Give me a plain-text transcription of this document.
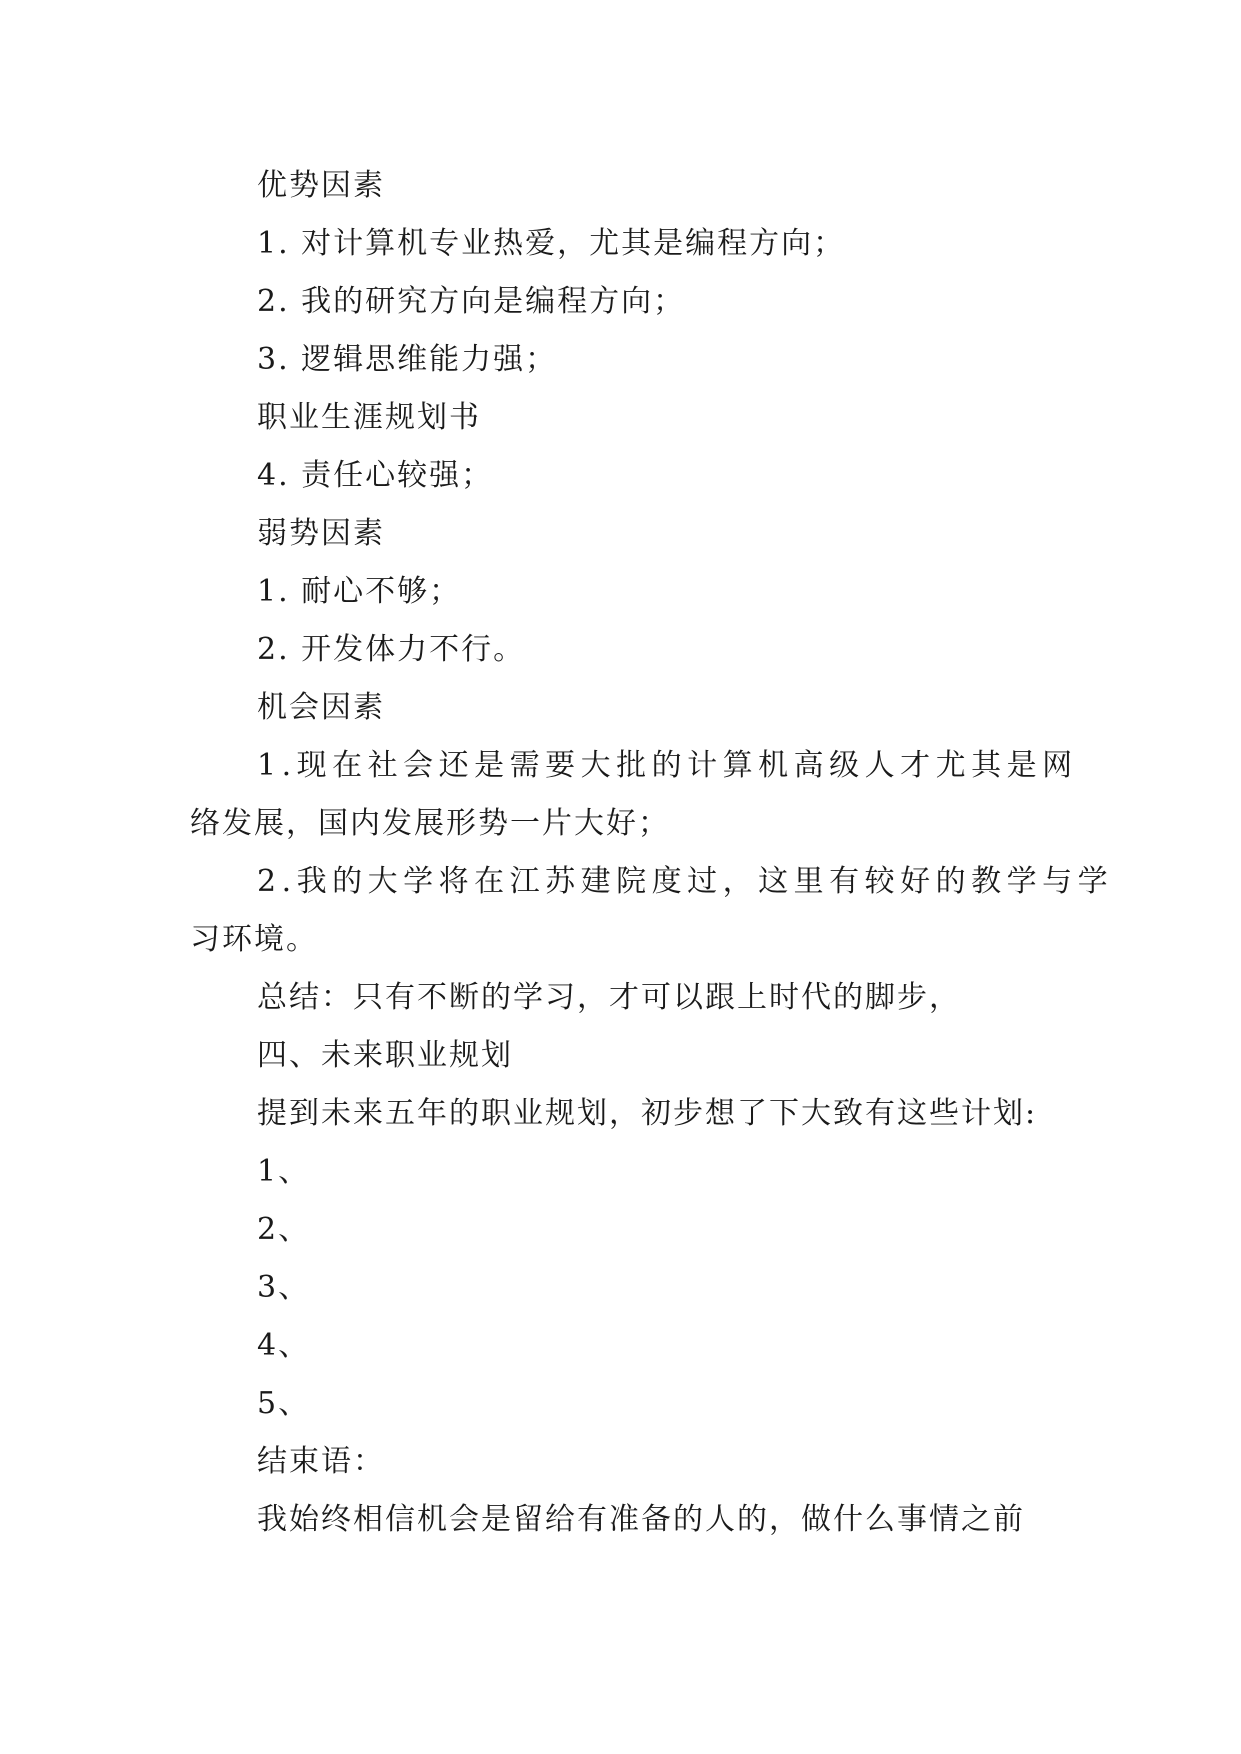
优势因素
1. 对计算机专业热爱，尤其是编程方向；
2. 我的研究方向是编程方向；
3. 逻辑思维能力强；
职业生涯规划书
4. 责任心较强；
弱势因素
1. 耐心不够；
2. 开发体力不行。
机会因素
1.现在社会还是需要大批的计算机高级人才尤其是网
络发展，国内发展形势一片大好；
2.我的大学将在江苏建院度过，这里有较好的教学与学
习环境。
总结：只有不断的学习，才可以跟上时代的脚步，
四、未来职业规划
提到未来五年的职业规划，初步想了下大致有这些计划:
1、
2、
3、
4、
5、
结束语：
我始终相信机会是留给有准备的人的，做什么事情之前
